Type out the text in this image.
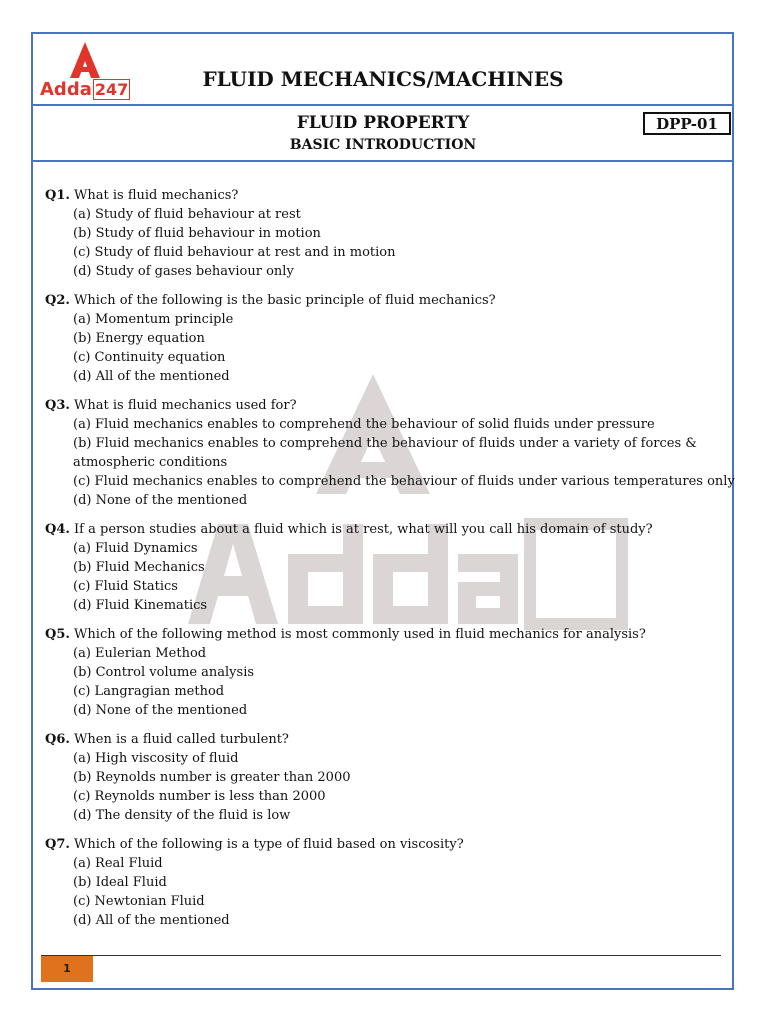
Adda 247	FLUID MECHANICS/MACHINES
FLUID PROPERTY
BASIC INTRODUCTION
DPP-01
Q1. What is fluid mechanics?
(a) Study of fluid behaviour at rest
(b) Study of fluid behaviour in motion
(c) Study of fluid behaviour at rest and in motion
(d) Study of gases behaviour only
Q2. Which of the following is the basic principle of fluid mechanics?
(a) Momentum principle
(b) Energy equation
(c) Continuity equation
(d) All of the mentioned
Q3. What is fluid mechanics used for?
(a) Fluid mechanics enables to comprehend the behaviour of solid fluids under pressure
(b) Fluid mechanics enables to comprehend the behaviour of fluids under a variety of forces & atmospheric conditions
(c) Fluid mechanics enables to comprehend the behaviour of fluids under various temperatures only
(d) None of the mentioned
Q4. If a person studies about a fluid which is at rest, what will you call his domain of study?
(a) Fluid Dynamics
(b) Fluid Mechanics
(c) Fluid Statics
(d) Fluid Kinematics
Q5. Which of the following method is most commonly used in fluid mechanics for analysis?
(a) Eulerian Method
(b) Control volume analysis
(c) Langragian method
(d) None of the mentioned
Q6. When is a fluid called turbulent?
(a) High viscosity of fluid
(b) Reynolds number is greater than 2000
(c) Reynolds number is less than 2000
(d) The density of the fluid is low
Q7. Which of the following is a type of fluid based on viscosity?
(a) Real Fluid
(b) Ideal Fluid
(c) Newtonian Fluid
(d) All of the mentioned
1
